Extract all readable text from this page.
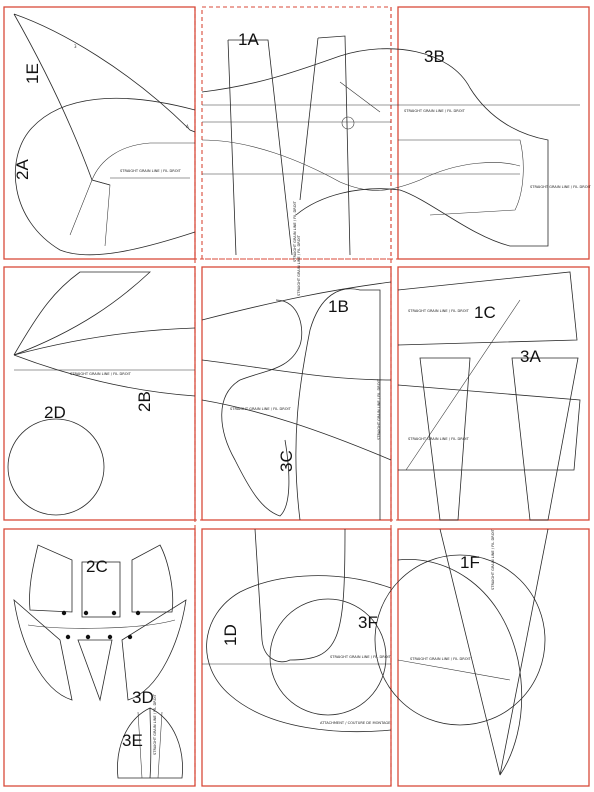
STRAIGHT GRAIN LINE / FIL DROIT
3
A
STRAIGHT GRAIN LINE / FIL DROIT
STRAIGHT GRAIN LINE / FIL DROIT
STRAIGHT GRAIN LINE / FIL DROIT
STRAIGHT GRAIN LINE / FIL DROIT
STRAIGHT GRAIN LINE / FIL DROIT
STRAIGHT GRAIN LINE / FIL DROIT
STRAIGHT GRAIN LINE / FIL DROIT
STRAIGHT GRAIN LINE / FIL DROIT
STRAIGHT GRAIN LINE / FIL DROIT
STRAIGHT GRAIN LINE / FIL DROIT
STRAIGHT GRAIN LINE / FIL DROIT
ATTACHMENT / COUTURE DE MONTAGE
STRAIGHT GRAIN LINE / FIL DROIT
STRAIGHT GRAIN LINE / FIL DROIT
1E
2A
1A
3B
1B	1C
3A
2B
2D
3C
2C
3D
3E
1D
3F
1F
